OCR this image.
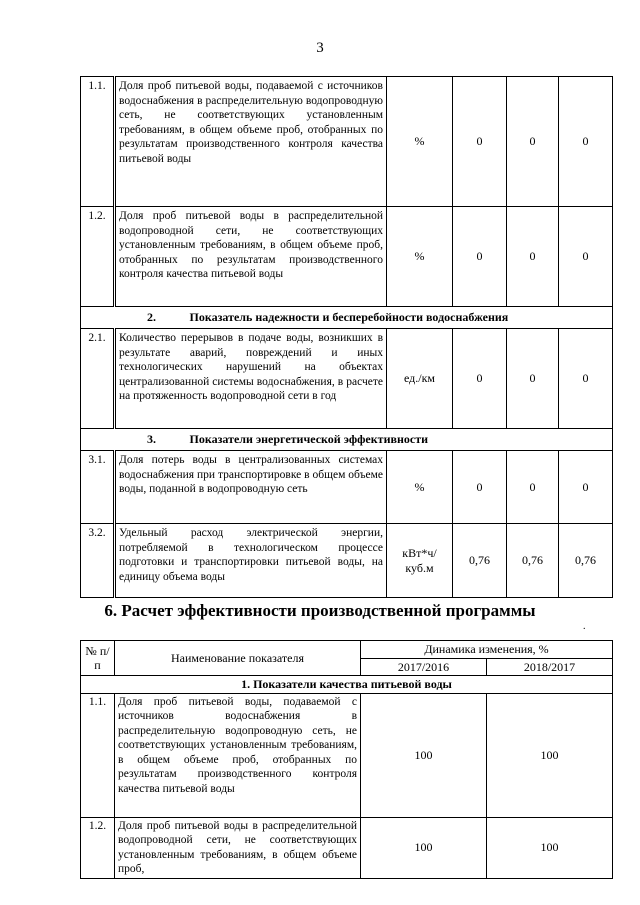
3
1.1.	Доля проб питьевой воды, подаваемой с источников водоснабжения в распределительную водопроводную сеть, не соответствующих установленным требованиям, в общем объеме проб, отобранных по результатам производственного контроля качества питьевой воды	%	0	0	0
1.2.	Доля проб питьевой воды в распределительной водопроводной сети, не соответствующих установленным требованиям, в общем объеме проб, отобранных по результатам производственного контроля качества питьевой воды	%	0	0	0
	2. Показатель надежности и бесперебойности водоснабжения				
2.1.	Количество перерывов в подаче воды, возникших в результате аварий, повреждений и иных технологических нарушений на объектах централизованной системы водоснабжения, в расчете на протяженность водопроводной сети в год	ед./км	0	0	0
	3. Показатели энергетической эффективности				
3.1.	Доля потерь воды в централизованных системах водоснабжения при транспортировке в общем объеме воды, поданной в водопроводную сеть	%	0	0	0
3.2.	Удельный расход электрической энергии, потребляемой в технологическом процессе подготовки и транспортировки питьевой воды, на единицу объема воды	кВт*ч/ куб.м	0,76	0,76	0,76
6. Расчет эффективности производственной программы
.
№ п/п	Наименование показателя	Динамика изменения, %	
		2017/2016	2018/2017
1. Показатели качества питьевой воды			
1.1.	Доля проб питьевой воды, подаваемой с источников водоснабжения в распределительную водопроводную сеть, не соответствующих установленным требованиям, в общем объеме проб, отобранных по результатам производственного контроля качества питьевой воды	100	100
1.2.	Доля проб питьевой воды в распределительной водопроводной сети, не соответствующих установленным требованиям, в общем объеме проб,	100	100
